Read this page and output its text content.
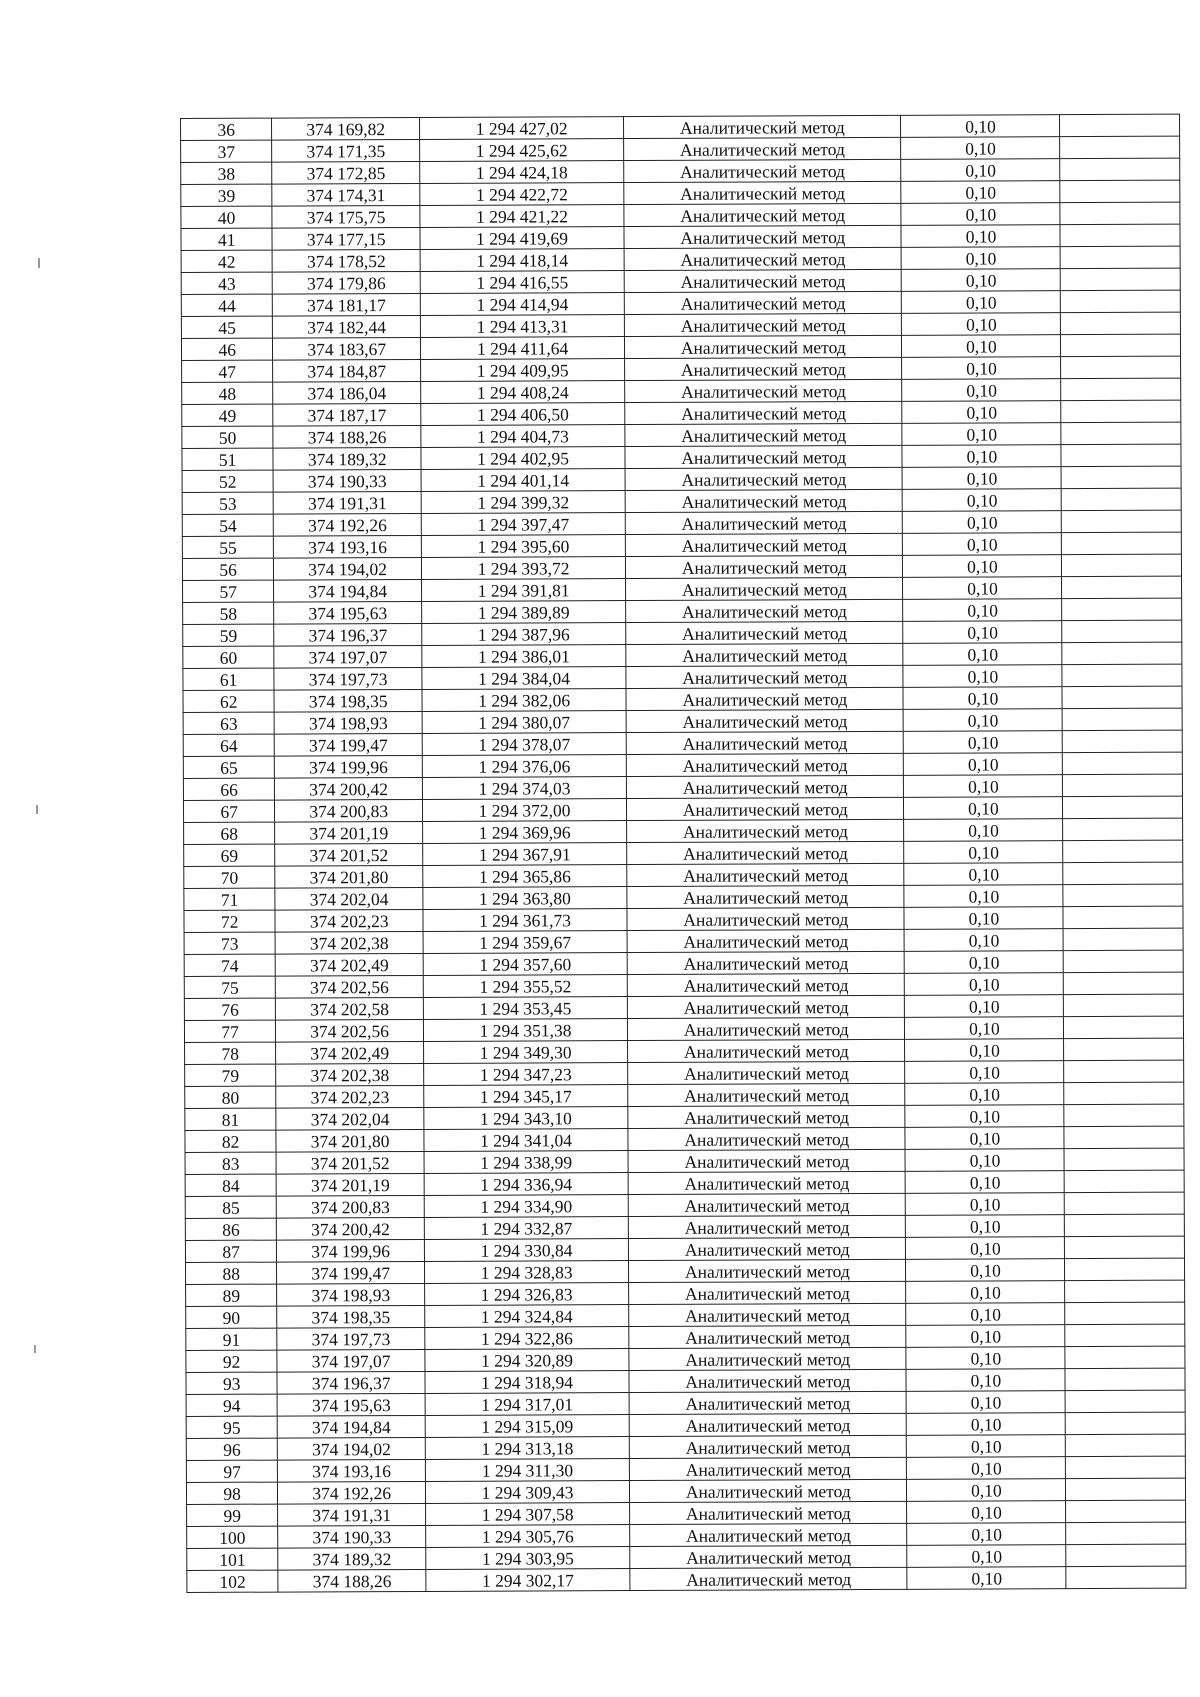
36	374 169,82	1 294 427,02	Аналитический метод	0,10	
37	374 171,35	1 294 425,62	Аналитический метод	0,10	
38	374 172,85	1 294 424,18	Аналитический метод	0,10	
39	374 174,31	1 294 422,72	Аналитический метод	0,10	
40	374 175,75	1 294 421,22	Аналитический метод	0,10	
41	374 177,15	1 294 419,69	Аналитический метод	0,10	
42	374 178,52	1 294 418,14	Аналитический метод	0,10	
43	374 179,86	1 294 416,55	Аналитический метод	0,10	
44	374 181,17	1 294 414,94	Аналитический метод	0,10	
45	374 182,44	1 294 413,31	Аналитический метод	0,10	
46	374 183,67	1 294 411,64	Аналитический метод	0,10	
47	374 184,87	1 294 409,95	Аналитический метод	0,10	
48	374 186,04	1 294 408,24	Аналитический метод	0,10	
49	374 187,17	1 294 406,50	Аналитический метод	0,10	
50	374 188,26	1 294 404,73	Аналитический метод	0,10	
51	374 189,32	1 294 402,95	Аналитический метод	0,10	
52	374 190,33	1 294 401,14	Аналитический метод	0,10	
53	374 191,31	1 294 399,32	Аналитический метод	0,10	
54	374 192,26	1 294 397,47	Аналитический метод	0,10	
55	374 193,16	1 294 395,60	Аналитический метод	0,10	
56	374 194,02	1 294 393,72	Аналитический метод	0,10	
57	374 194,84	1 294 391,81	Аналитический метод	0,10	
58	374 195,63	1 294 389,89	Аналитический метод	0,10	
59	374 196,37	1 294 387,96	Аналитический метод	0,10	
60	374 197,07	1 294 386,01	Аналитический метод	0,10	
61	374 197,73	1 294 384,04	Аналитический метод	0,10	
62	374 198,35	1 294 382,06	Аналитический метод	0,10	
63	374 198,93	1 294 380,07	Аналитический метод	0,10	
64	374 199,47	1 294 378,07	Аналитический метод	0,10	
65	374 199,96	1 294 376,06	Аналитический метод	0,10	
66	374 200,42	1 294 374,03	Аналитический метод	0,10	
67	374 200,83	1 294 372,00	Аналитический метод	0,10	
68	374 201,19	1 294 369,96	Аналитический метод	0,10	
69	374 201,52	1 294 367,91	Аналитический метод	0,10	
70	374 201,80	1 294 365,86	Аналитический метод	0,10	
71	374 202,04	1 294 363,80	Аналитический метод	0,10	
72	374 202,23	1 294 361,73	Аналитический метод	0,10	
73	374 202,38	1 294 359,67	Аналитический метод	0,10	
74	374 202,49	1 294 357,60	Аналитический метод	0,10	
75	374 202,56	1 294 355,52	Аналитический метод	0,10	
76	374 202,58	1 294 353,45	Аналитический метод	0,10	
77	374 202,56	1 294 351,38	Аналитический метод	0,10	
78	374 202,49	1 294 349,30	Аналитический метод	0,10	
79	374 202,38	1 294 347,23	Аналитический метод	0,10	
80	374 202,23	1 294 345,17	Аналитический метод	0,10	
81	374 202,04	1 294 343,10	Аналитический метод	0,10	
82	374 201,80	1 294 341,04	Аналитический метод	0,10	
83	374 201,52	1 294 338,99	Аналитический метод	0,10	
84	374 201,19	1 294 336,94	Аналитический метод	0,10	
85	374 200,83	1 294 334,90	Аналитический метод	0,10	
86	374 200,42	1 294 332,87	Аналитический метод	0,10	
87	374 199,96	1 294 330,84	Аналитический метод	0,10	
88	374 199,47	1 294 328,83	Аналитический метод	0,10	
89	374 198,93	1 294 326,83	Аналитический метод	0,10	
90	374 198,35	1 294 324,84	Аналитический метод	0,10	
91	374 197,73	1 294 322,86	Аналитический метод	0,10	
92	374 197,07	1 294 320,89	Аналитический метод	0,10	
93	374 196,37	1 294 318,94	Аналитический метод	0,10	
94	374 195,63	1 294 317,01	Аналитический метод	0,10	
95	374 194,84	1 294 315,09	Аналитический метод	0,10	
96	374 194,02	1 294 313,18	Аналитический метод	0,10	
97	374 193,16	1 294 311,30	Аналитический метод	0,10	
98	374 192,26	1 294 309,43	Аналитический метод	0,10	
99	374 191,31	1 294 307,58	Аналитический метод	0,10	
100	374 190,33	1 294 305,76	Аналитический метод	0,10	
101	374 189,32	1 294 303,95	Аналитический метод	0,10	
102	374 188,26	1 294 302,17	Аналитический метод	0,10	
